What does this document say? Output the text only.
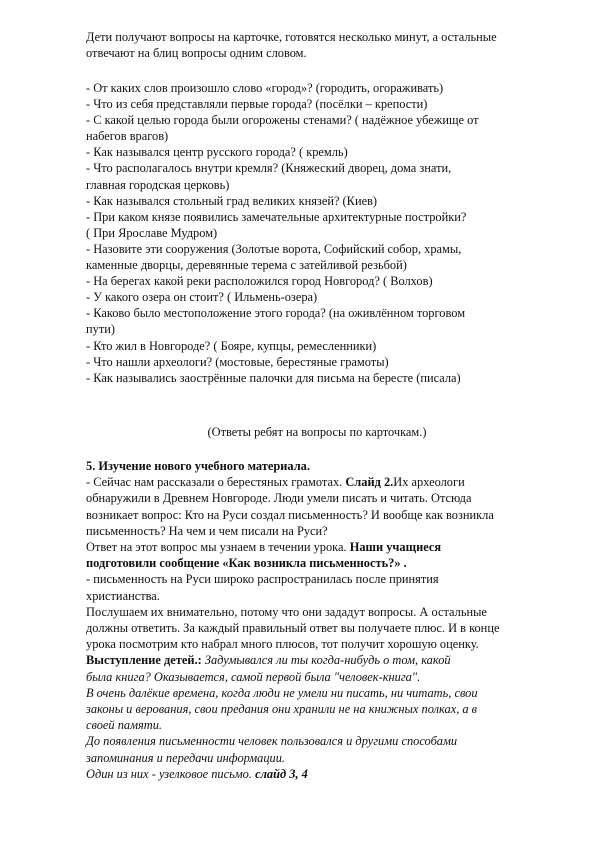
Дети получают вопросы на карточке, готовятся несколько минут, а остальные

отвечают на блиц вопросы одним словом.

- От каких слов произошло слово «город»? (городить, огораживать)

- Что из себя представляли первые города? (посёлки – крепости)

- С какой целью города были огорожены стенами? ( надёжное убежище от

набегов врагов)

- Как назывался центр русского города? ( кремль)

- Что располагалось внутри кремля? (Княжеский дворец, дома знати,

главная городская церковь)

- Как назывался стольный град великих князей? (Киев)

- При каком князе появились замечательные архитектурные постройки?

( При Ярославе Мудром)

- Назовите эти сооружения (Золотые ворота, Софийский собор, храмы,

каменные дворцы, деревянные терема с затейливой резьбой)

- На берегах какой реки расположился город Новгород? ( Волхов)

- У какого озера он стоит? ( Ильмень-озера)

- Каково было местоположение этого города? (на оживлённом торговом

пути)

- Кто жил в Новгороде? ( Бояре, купцы, ремесленники)

- Что нашли археологи? (мостовые, берестяные грамоты)

- Как назывались заострённые палочки для письма на бересте (писала)

(Ответы ребят на вопросы по карточкам.)

5. Изучение нового учебного материала.

- Сейчас нам рассказали о берестяных грамотах. Слайд 2.Их археологи

обнаружили в Древнем Новгороде. Люди умели писать и читать. Отсюда

возникает вопрос: Кто на Руси создал письменность? И вообще как возникла

письменность? На чем и чем писали на Руси?

Ответ на этот вопрос мы узнаем в течении урока. Наши учащиеся

подготовили сообщение «Как возникла письменность?» .

- письменность на Руси широко распространилась после принятия

христианства.

Послушаем их внимательно, потому что они зададут вопросы. А остальные

должны ответить. За каждый правильный ответ вы получаете плюс. И в конце

урока посмотрим кто набрал много плюсов, тот получит хорошую оценку.

Выступление детей.: Задумывался ли ты когда-нибудь о том, какой

была книга? Оказывается, самой первой была "человек-книга".

В очень далёкие времена, когда люди не умели ни писать, ни читать, свои

законы и верования, свои предания они хранили не на книжных полках, а в

своей памяти.

До появления письменности человек пользовался и другими способами

запоминания и передачи информации.

Один из них - узелковое письмо. слайд 3, 4
